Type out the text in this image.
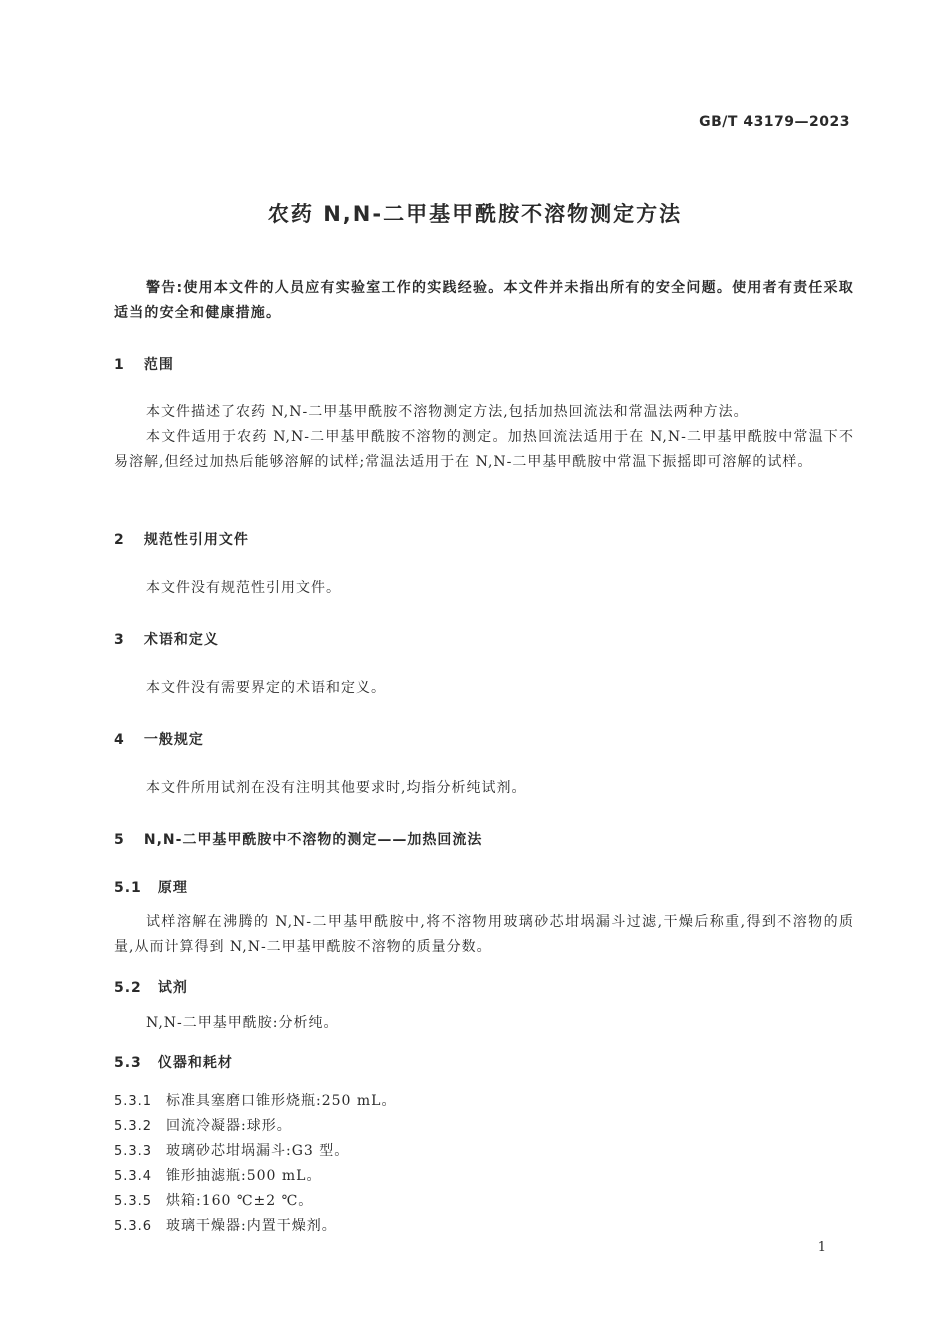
GB/T 43179—2023
农药 N,N-二甲基甲酰胺不溶物测定方法
警告:使用本文件的人员应有实验室工作的实践经验。本文件并未指出所有的安全问题。使用者有责任采取适当的安全和健康措施。
1 范围
本文件描述了农药 N,N-二甲基甲酰胺不溶物测定方法,包括加热回流法和常温法两种方法。
本文件适用于农药 N,N-二甲基甲酰胺不溶物的测定。加热回流法适用于在 N,N-二甲基甲酰胺中常温下不易溶解,但经过加热后能够溶解的试样;常温法适用于在 N,N-二甲基甲酰胺中常温下振摇即可溶解的试样。
2 规范性引用文件
本文件没有规范性引用文件。
3 术语和定义
本文件没有需要界定的术语和定义。
4 一般规定
本文件所用试剂在没有注明其他要求时,均指分析纯试剂。
5 N,N-二甲基甲酰胺中不溶物的测定——加热回流法
5.1 原理
试样溶解在沸腾的 N,N-二甲基甲酰胺中,将不溶物用玻璃砂芯坩埚漏斗过滤,干燥后称重,得到不溶物的质量,从而计算得到 N,N-二甲基甲酰胺不溶物的质量分数。
5.2 试剂
N,N-二甲基甲酰胺:分析纯。
5.3 仪器和耗材
5.3.1 标准具塞磨口锥形烧瓶:250 mL。
5.3.2 回流冷凝器:球形。
5.3.3 玻璃砂芯坩埚漏斗:G3 型。
5.3.4 锥形抽滤瓶:500 mL。
5.3.5 烘箱:160 ℃±2 ℃。
5.3.6 玻璃干燥器:内置干燥剂。
1
